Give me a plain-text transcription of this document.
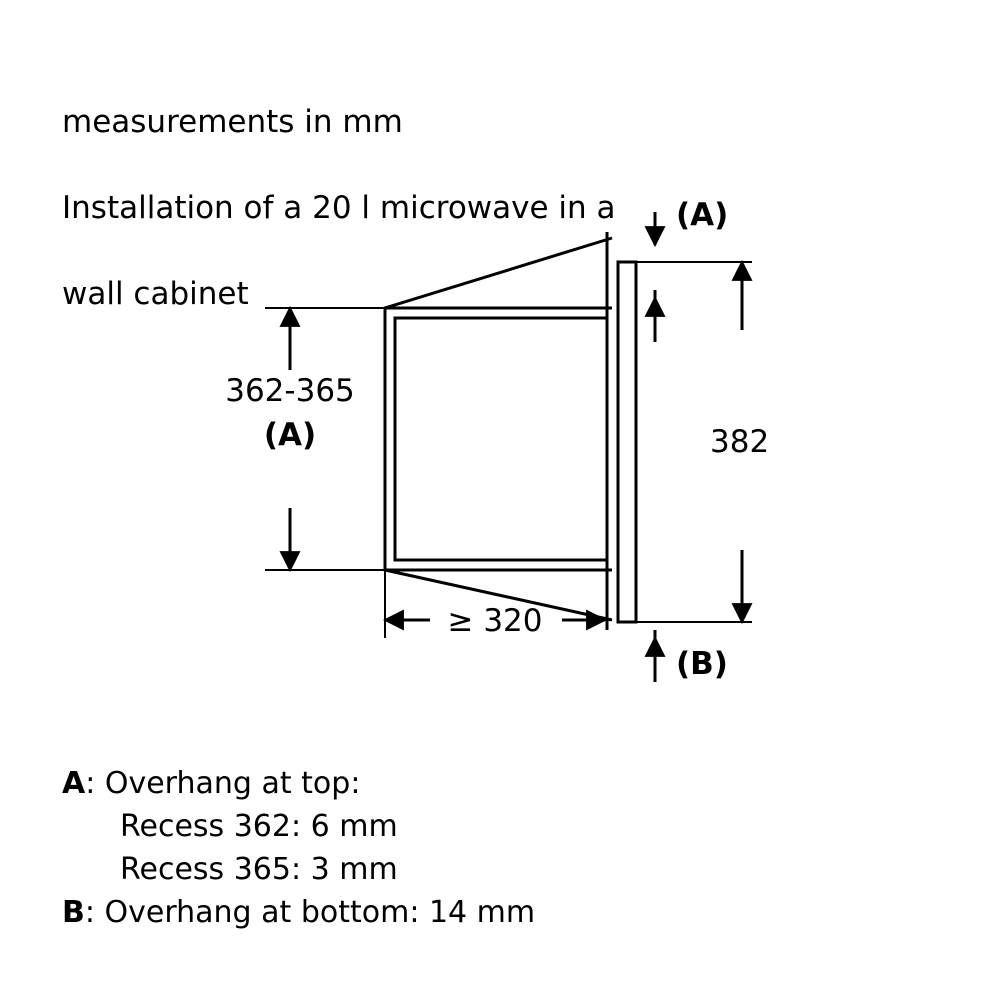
measurements in mm

Installation of a 20 l microwave in a

wall cabinet

(A)
362-365
(A)	382
≥ 320
(B)
A: Overhang at top:
Recess 362: 6 mm
Recess 365: 3 mm
B: Overhang at bottom: 14 mm
